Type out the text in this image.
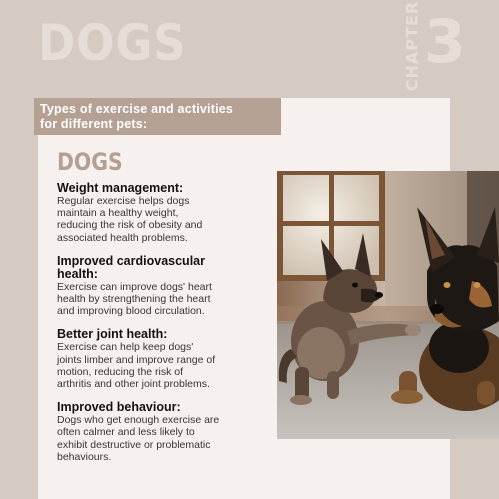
DOGS	CHAPTER 3
Types of exercise and activities
for different pets:
DOGS
Weight management:

Regular exercise helps dogs

maintain a healthy weight,

reducing the risk of obesity and

associated health problems.

Improved cardiovascular
health:

Exercise can improve dogs' heart

health by strengthening the heart

and improving blood circulation.

Better joint health:

Exercise can help keep dogs'

joints limber and improve range of

motion, reducing the risk of

arthritis and other joint problems.

Improved behaviour:

Dogs who get enough exercise are

often calmer and less likely to

exhibit destructive or problematic

behaviours.
